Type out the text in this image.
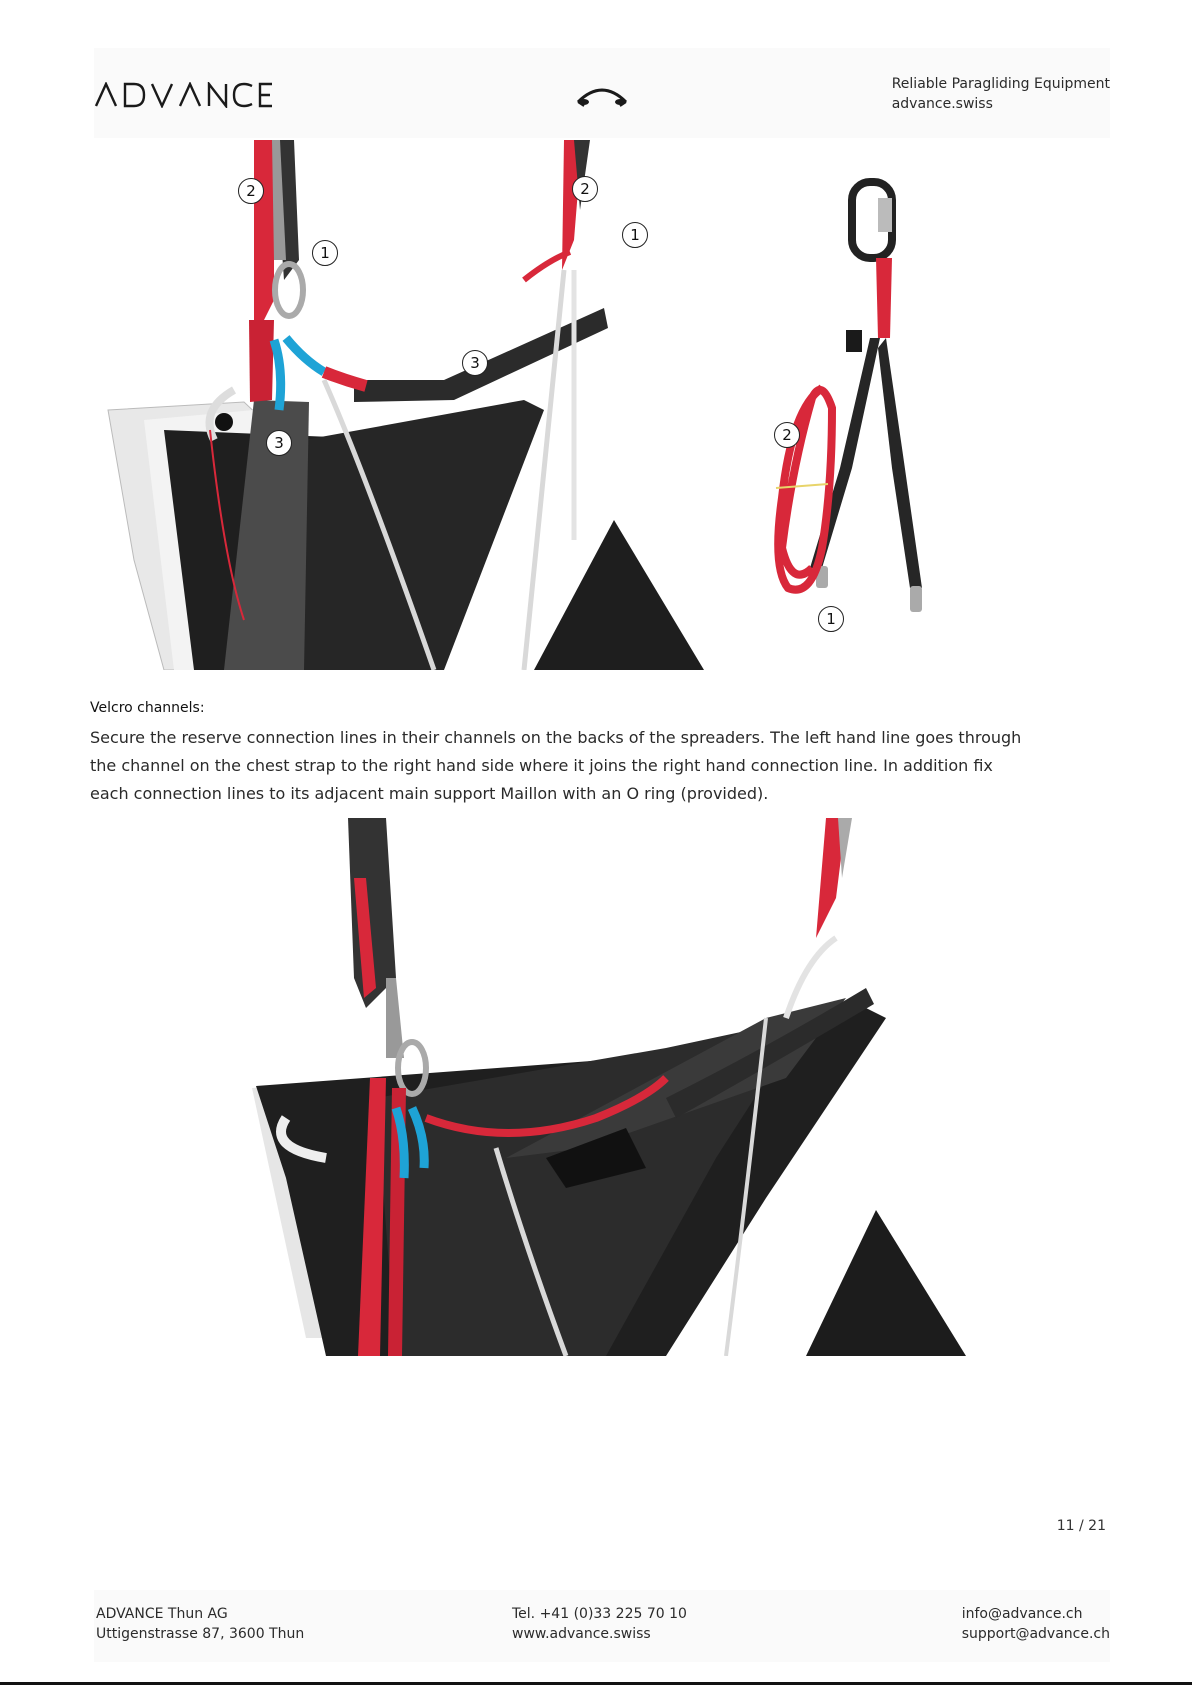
Reliable Paragliding Equipment
advance.swiss
2
1
2
1
3
3	2
1
Velcro channels:
Secure the reserve connection lines in their channels on the backs of the spreaders. The left hand line goes through
the channel on the chest strap to the right hand side where it joins the right hand connection line. In addition fix
each connection lines to its adjacent main support Maillon with an O ring (provided).
11 / 21
ADVANCE Thun AG
Uttigenstrasse 87, 3600 Thun
Tel. +41 (0)33 225 70 10
www.advance.swiss
info@advance.ch
support@advance.ch
